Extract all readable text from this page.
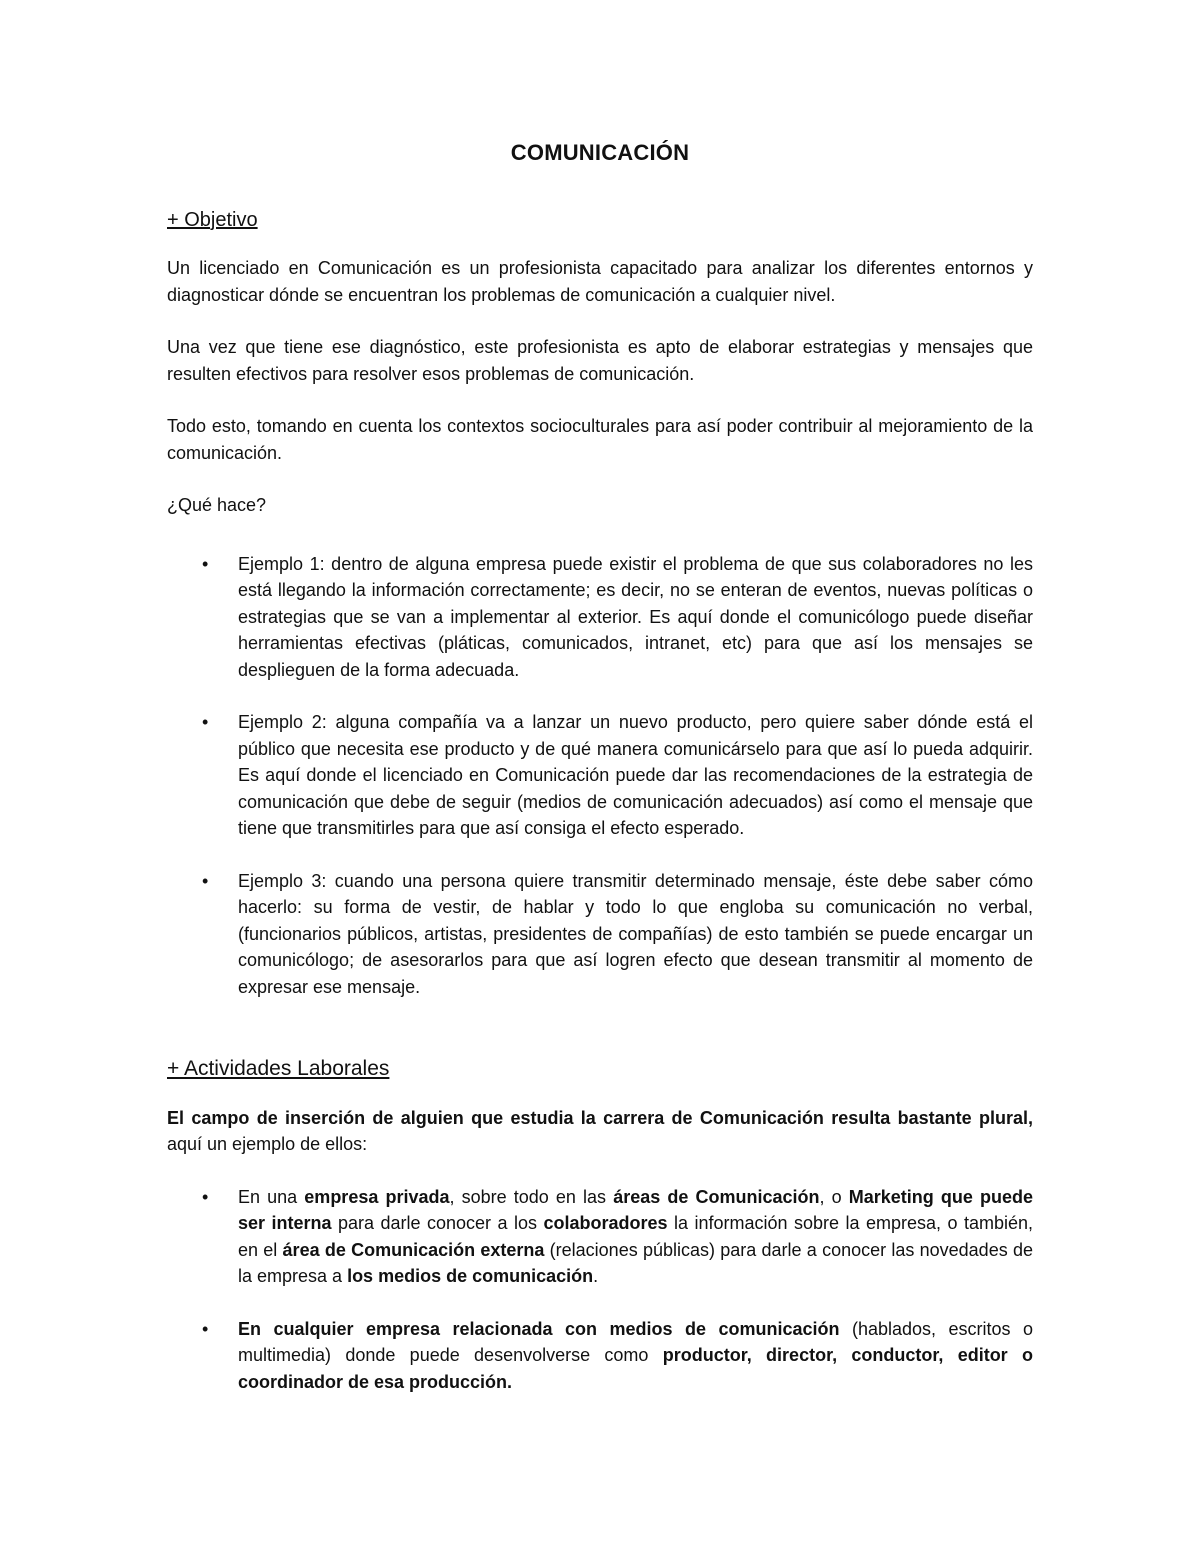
COMUNICACIÓN
+ Objetivo

Un licenciado en Comunicación es un profesionista capacitado para analizar los diferentes entornos y diagnosticar dónde se encuentran los problemas de comunicación a cualquier nivel.

Una vez que tiene ese diagnóstico, este profesionista es apto de elaborar estrategias y mensajes que resulten efectivos para resolver esos problemas de comunicación.

Todo esto, tomando en cuenta los contextos socioculturales para así poder contribuir al mejoramiento de la comunicación.

¿Qué hace?

• Ejemplo 1: dentro de alguna empresa puede existir el problema de que sus colaboradores no les está llegando la información correctamente; es decir, no se enteran de eventos, nuevas políticas o estrategias que se van a implementar al exterior. Es aquí donde el comunicólogo puede diseñar herramientas efectivas (pláticas, comunicados, intranet, etc) para que así los mensajes se desplieguen de la forma adecuada.
• Ejemplo 2: alguna compañía va a lanzar un nuevo producto, pero quiere saber dónde está el público que necesita ese producto y de qué manera comunicárselo para que así lo pueda adquirir. Es aquí donde el licenciado en Comunicación puede dar las recomendaciones de la estrategia de comunicación que debe de seguir (medios de comunicación adecuados) así como el mensaje que tiene que transmitirles para que así consiga el efecto esperado.
• Ejemplo 3: cuando una persona quiere transmitir determinado mensaje, éste debe saber cómo hacerlo: su forma de vestir, de hablar y todo lo que engloba su comunicación no verbal, (funcionarios públicos, artistas, presidentes de compañías) de esto también se puede encargar un comunicólogo; de asesorarlos para que así logren efecto que desean transmitir al momento de expresar ese mensaje.
+ Actividades Laborales

El campo de inserción de alguien que estudia la carrera de Comunicación resulta bastante plural, aquí un ejemplo de ellos:

• En una empresa privada, sobre todo en las áreas de Comunicación, o Marketing que puede ser interna para darle conocer a los colaboradores la información sobre la empresa, o también, en el área de Comunicación externa (relaciones públicas) para darle a conocer las novedades de la empresa a los medios de comunicación.
• En cualquier empresa relacionada con medios de comunicación (hablados, escritos o multimedia) donde puede desenvolverse como productor, director, conductor, editor o coordinador de esa producción.
